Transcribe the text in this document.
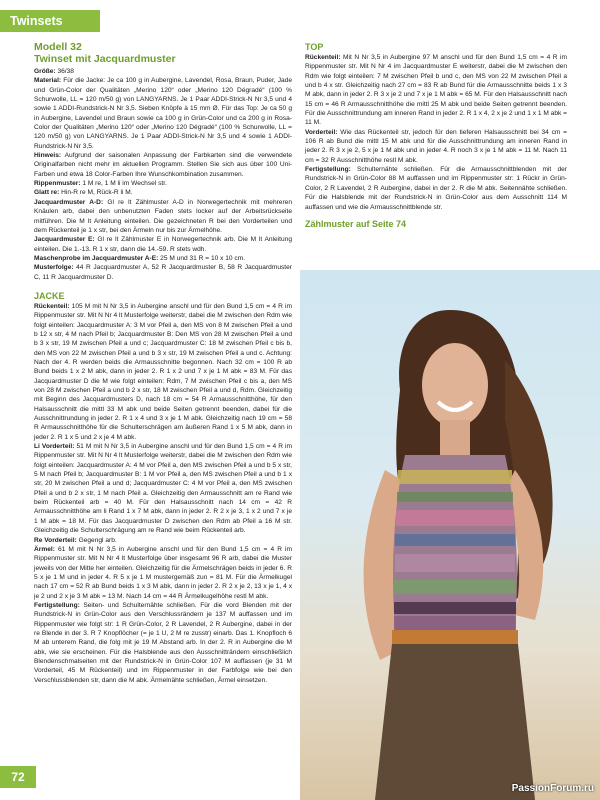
Twinsets
Modell 32
Twinset mit Jacquardmuster

Größe: 36/38

Material: Für die Jacke: Je ca 100 g in Aubergine, Lavendel, Rosa, Braun, Puder, Jade und Grün-Color der Qualitäten „Merino 120“ oder „Merino 120 Dégradé“ (100 % Schurwolle, LL = 120 m/50 g) von LANGYARNS. Je 1 Paar ADDI-Strick-N Nr 3,5 und 4 sowie 1 ADDI-Rundstrick-N Nr 3,5. Sieben Knöpfe à 15 mm Ø. Für das Top: Je ca 50 g in Aubergine, Lavendel und Braun sowie ca 100 g in Grün-Color und ca 200 g in Rosa-Color der Qualitäten „Merino 120“ oder „Merino 120 Dégradé“ (100 % Schurwolle, LL = 120 m/50 g) von LANGYARNS. Je 1 Paar ADDI-Strick-N Nr 3,5 und 4 sowie 1 ADDI-Rundstrick-N Nr 3,5.

Hinweis: Aufgrund der saisonalen Anpassung der Farbkarten sind die verwendete Originalfarben nicht mehr im aktuellen Programm. Stellen Sie sich aus über 100 Uni-Farben und etwa 18 Color-Farben Ihre Wunschkombination zusammen.

Rippenmuster: 1 M re, 1 M li im Wechsel str.

Glatt re: Hin-R re M, Rück-R li M.

Jacquardmuster A-D: Gl re lt Zählmuster A-D in Norwegertechnik mit mehreren Knäulen arb, dabei den unbenutzten Faden stets locker auf der Arbeitsrückseite mitführen. Die M lt Anleitung einteilen. Die gezeichneten R bei den Vorderteilen und dem Rückenteil je 1 x str, bei den Ärmeln nur bis zur Ärmelhöhe.

Jacquardmuster E: Gl re lt Zählmuster E in Norwegertechnik arb. Die M lt Anleitung einteilen. Die 1.-13. R 1 x str, dann die 14.-59. R stets wdh.

Maschenprobe im Jacquardmuster A-E: 25 M und 31 R = 10 x 10 cm.

Musterfolge: 44 R Jacquardmuster A, 52 R Jacquardmuster B, 58 R Jacquardmuster C, 11 R Jacquardmuster D.

JACKE

Rückenteil: 105 M mit N Nr 3,5 in Aubergine anschl und für den Bund 1,5 cm = 4 R im Rippenmuster str. Mit N Nr 4 lt Musterfolge weiterstr, dabei die M zwischen den Rdm wie folgt einteilen: Jacquardmuster A: 3 M vor Pfeil a, den MS von 8 M zwischen Pfeil a und b 12 x str, 4 M nach Pfeil b; Jacquardmuster B: Den MS von 28 M zwischen Pfeil a und b 3 x str, 19 M zwischen Pfeil a und c; Jacquardmuster C: 18 M zwischen Pfeil c bis b, den MS von 22 M zwischen Pfeil a und b 3 x str, 19 M zwischen Pfeil a und c. Achtung: Nach der 4. R werden beids die Armausschnitte begonnen. Nach 32 cm = 100 R ab Bund beids 1 x 2 M abk, dann in jeder 2. R 1 x 2 und 7 x je 1 M abk = 83 M. Für das Jacquardmuster D die M wie folgt einteilen: Rdm, 7 M zwischen Pfeil c bis a, den MS von 28 M zwischen Pfeil a und b 2 x str, 18 M zwischen Pfeil a und d, Rdm. Gleichzeitig mit Beginn des Jacquardmusters D, nach 18 cm = 54 R Armausschnitthöhe, für den Halsausschnitt die mittl 33 M abk und beide Seiten getrennt beenden, dabei für die Ausschnittrundung in jeder 2. R 1 x 4 und 3 x je 1 M abk. Gleichzeitig nach 19 cm = 58 R Armausschnitthöhe für die Schulterschrägen am äußeren Rand 1 x 5 M abk, dann in jeder 2. R 1 x 5 und 2 x je 4 M abk.

Li Vorderteil: 51 M mit N Nr 3,5 in Aubergine anschl und für den Bund 1,5 cm = 4 R im Rippenmuster str. Mit N Nr 4 lt Musterfolge weiterstr, dabei die M zwischen den Rdm wie folgt einteilen: Jacquardmuster A: 4 M vor Pfeil a, den MS zwischen Pfeil a und b 5 x str, 5 M nach Pfeil b; Jacquardmuster B: 1 M vor Pfeil a, den MS zwischen Pfeil a und b 1 x str, 20 M zwischen Pfeil a und d; Jacquardmuster C: 4 M vor Pfeil a, den MS zwischen Pfeil a und b 2 x str, 1 M nach Pfeil a. Gleichzeitig den Armausschnitt am re Rand wie beim Rückenteil arb = 40 M. Für den Halsausschnitt nach 14 cm = 42 R Armausschnitthöhe am li Rand 1 x 7 M abk, dann in jeder 2. R 2 x je 3, 1 x 2 und 7 x je 1 M abk = 18 M. Für das Jacquardmuster D zwischen den Rdm ab Pfeil a 16 M str. Gleichzeitig die Schulterschrägung am re Rand wie beim Rückenteil arb.

Re Vorderteil: Gegengl arb.

Ärmel: 61 M mit N Nr 3,5 in Aubergine anschl und für den Bund 1,5 cm = 4 R im Rippenmuster str. Mit N Nr 4 lt Musterfolge über insgesamt 96 R arb, dabei die Muster jeweils von der Mitte her einteilen. Gleichzeitig für die Ärmelschrägen beids in jeder 6. R 5 x je 1 M und in jeder 4. R 5 x je 1 M mustergemäß zun = 81 M. Für die Ärmelkugel nach 17 cm = 52 R ab Bund beids 1 x 3 M abk, dann in jeder 2. R 2 x je 2, 13 x je 1, 4 x je 2 und 2 x je 3 M abk = 13 M. Nach 14 cm = 44 R Ärmelkugelhöhe restl M abk.

Fertigstellung: Seiten- und Schulternähte schließen. Für die vord Blenden mit der Rundstrick-N in Grün-Color aus den Verschlussrändern je 137 M auffassen und im Rippenmuster wie folgt str: 1 R Grün-Color, 2 R Lavendel, 2 R Aubergine, dabei in der re Blende in der 3. R 7 Knopflöcher (= je 1 U, 2 M re zusstr) einarb. Das 1. Knopfloch 6 M ab unterem Rand, die folg mit je 19 M Abstand arb. In der 2. R in Aubergine die M abk, wie sie erscheinen. Für die Halsblende aus den Ausschnitträndern einschließlich Blendenschmalseiten mit der Rundstrick-N in Grün-Color 107 M auffassen (je 31 M Vorderteil, 45 M Rückenteil) und im Rippenmuster in der Farbfolge wie bei den Verschlussblenden str, dann die M abk. Ärmelnähte schließen, Ärmel einsetzen.

TOP

Rückenteil: Mit N Nr 3,5 in Aubergine 97 M anschl und für den Bund 1,5 cm = 4 R im Rippenmuster str. Mit N Nr 4 im Jacquardmuster E weiterstr, dabei die M zwischen den Rdm wie folgt einteilen: 7 M zwischen Pfeil b und c, den MS von 22 M zwischen Pfeil a und b 4 x str. Gleichzeitig nach 27 cm = 83 R ab Bund für die Armausschnitte beids 1 x 3 M abk, dann in jeder 2. R 3 x je 2 und 7 x je 1 M abk = 65 M. Für den Halsausschnitt nach 15 cm = 46 R Armausschnitthöhe die mittl 25 M abk und beide Seiten getrennt beenden. Für die Ausschnittrundung am inneren Rand in jeder 2. R 1 x 4, 2 x je 2 und 1 x 1 M abk = 11 M.

Vorderteil: Wie das Rückenteil str, jedoch für den tieferen Halsausschnitt bei 34 cm = 106 R ab Bund die mittl 15 M abk und für die Ausschnittrundung am inneren Rand in jeder 2. R 3 x je 2, 5 x je 1 M abk und in jeder 4. R noch 3 x je 1 M abk = 11 M. Nach 11 cm = 32 R Ausschnitthöhe restl M abk.

Fertigstellung: Schulternähte schließen. Für die Armausschnittblenden mit der Rundstrick-N in Grün-Color 88 M auffassen und im Rippenmuster str: 1 Rückr in Grün-Color, 2 R Lavendel, 2 R Aubergine, dabei in der 2. R die M abk. Seitennähte schließen. Für die Halsblende mit der Rundstrick-N in Grün-Color aus dem Ausschnitt 114 M auffassen und wie die Armausschnittblende str.

Zählmuster auf Seite 74
72
PassionForum.ru
